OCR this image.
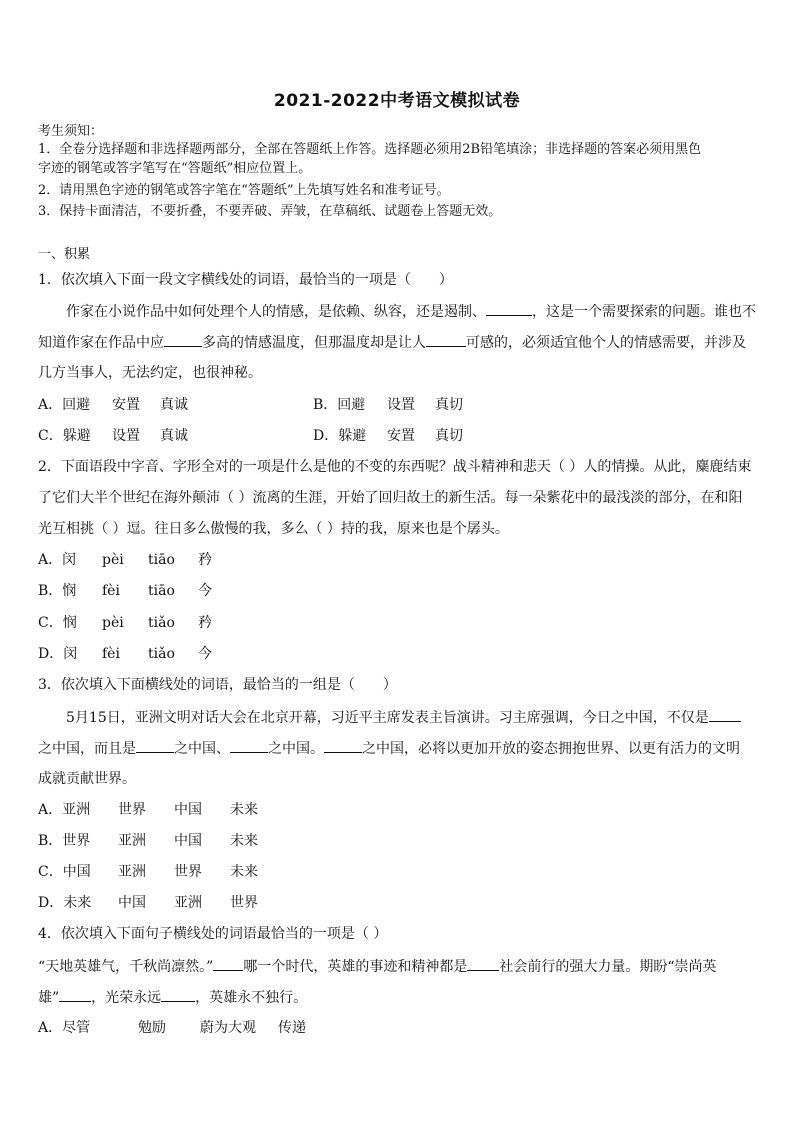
2021-2022中考语文模拟试卷
考生须知：
1．全卷分选择题和非选择题两部分，全部在答题纸上作答。选择题必须用2B铅笔填涂；非选择题的答案必须用黑色
字迹的钢笔或答字笔写在“答题纸”相应位置上。
2．请用黑色字迹的钢笔或答字笔在“答题纸”上先填写姓名和准考证号。
3．保持卡面清洁，不要折叠，不要弄破、弄皱，在草稿纸、试题卷上答题无效。
一、积累
1．依次填入下面一段文字横线处的词语，最恰当的一项是（　　）
作家在小说作品中如何处理个人的情感，是依赖、纵容，还是遏制、	，这是一个需要探索的问题。谁也不
知道作家在作品中应	多高的情感温度，但那温度却是让人	可感的，必须适宜他个人的情感需要，并涉及
几方当事人，无法约定，也很神秘。
A．回避 安置 真诚	B．回避 设置 真切
C．躲避 设置 真诚	D．躲避 安置 真切
2．下面语段中字音、字形全对的一项是什么是他的不变的东西呢？战斗精神和悲天（ ）人的情操。从此，麋鹿结束
了它们大半个世纪在海外颠沛（ ）流离的生涯，开始了回归故土的新生活。每一朵紫花中的最浅淡的部分，在和阳
光互相挑（ ）逗。往日多么傲慢的我，多么（ ）持的我，原来也是个孱头。
A．闵 pèi tiāo 矜
B．悯 fèi tiāo 今
C．悯 pèi tiǎo 矜
D．闵 fèi tiǎo 今
3．依次填入下面横线处的词语，最恰当的一组是（　　）
5月15日，亚洲文明对话大会在北京开幕，习近平主席发表主旨演讲。习主席强调，今日之中国，不仅是
之中国，而且是	之中国、	之中国。	之中国，必将以更加开放的姿态拥抱世界、以更有活力的文明
成就贡献世界。
A．亚洲 世界 中国 未来
B．世界 亚洲 中国 未来
C．中国 亚洲 世界 未来
D．未来 中国 亚洲 世界
4．依次填入下面句子横线处的词语最恰当的一项是（ ）
“天地英雄气，千秋尚凛然。” 哪一个时代，英雄的事迹和精神都是 社会前行的强大力量。期盼“崇尚英
雄” ，光荣永远 ，英雄永不独行。
A．尽管	勉励 蔚为大观 传递
